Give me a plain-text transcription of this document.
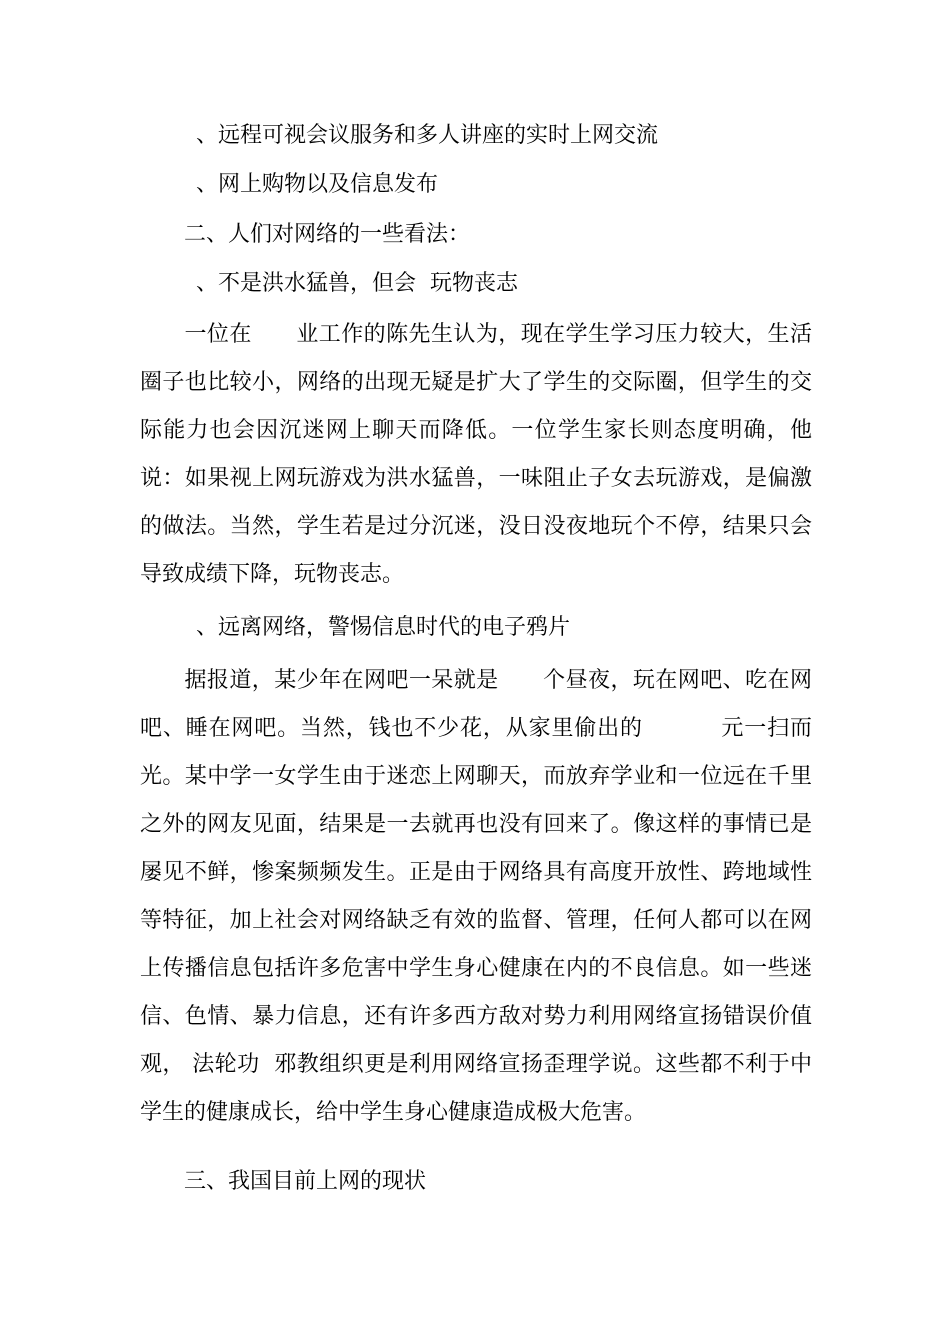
、远程可视会议服务和多人讲座的实时上网交流

、网上购物以及信息发布

二、人们对网络的一些看法：

、不是洪水猛兽，但会  玩物丧志

一位在      业工作的陈先生认为，现在学生学习压力较大，生活圈子也比较小，网络的出现无疑是扩大了学生的交际圈，但学生的交际能力也会因沉迷网上聊天而降低。一位学生家长则态度明确，他说：如果视上网玩游戏为洪水猛兽，一味阻止子女去玩游戏，是偏激的做法。当然，学生若是过分沉迷，没日没夜地玩个不停，结果只会导致成绩下降，玩物丧志。

、远离网络，警惕信息时代的电子鸦片

据报道，某少年在网吧一呆就是      个昼夜，玩在网吧、吃在网吧、睡在网吧。当然，钱也不少花，从家里偷出的          元一扫而光。某中学一女学生由于迷恋上网聊天，而放弃学业和一位远在千里之外的网友见面，结果是一去就再也没有回来了。像这样的事情已是屡见不鲜，惨案频频发生。正是由于网络具有高度开放性、跨地域性等特征，加上社会对网络缺乏有效的监督、管理，任何人都可以在网上传播信息包括许多危害中学生身心健康在内的不良信息。如一些迷信、色情、暴力信息，还有许多西方敌对势力利用网络宣扬错误价值观， 法轮功  邪教组织更是利用网络宣扬歪理学说。这些都不利于中学生的健康成长，给中学生身心健康造成极大危害。

三、我国目前上网的现状
